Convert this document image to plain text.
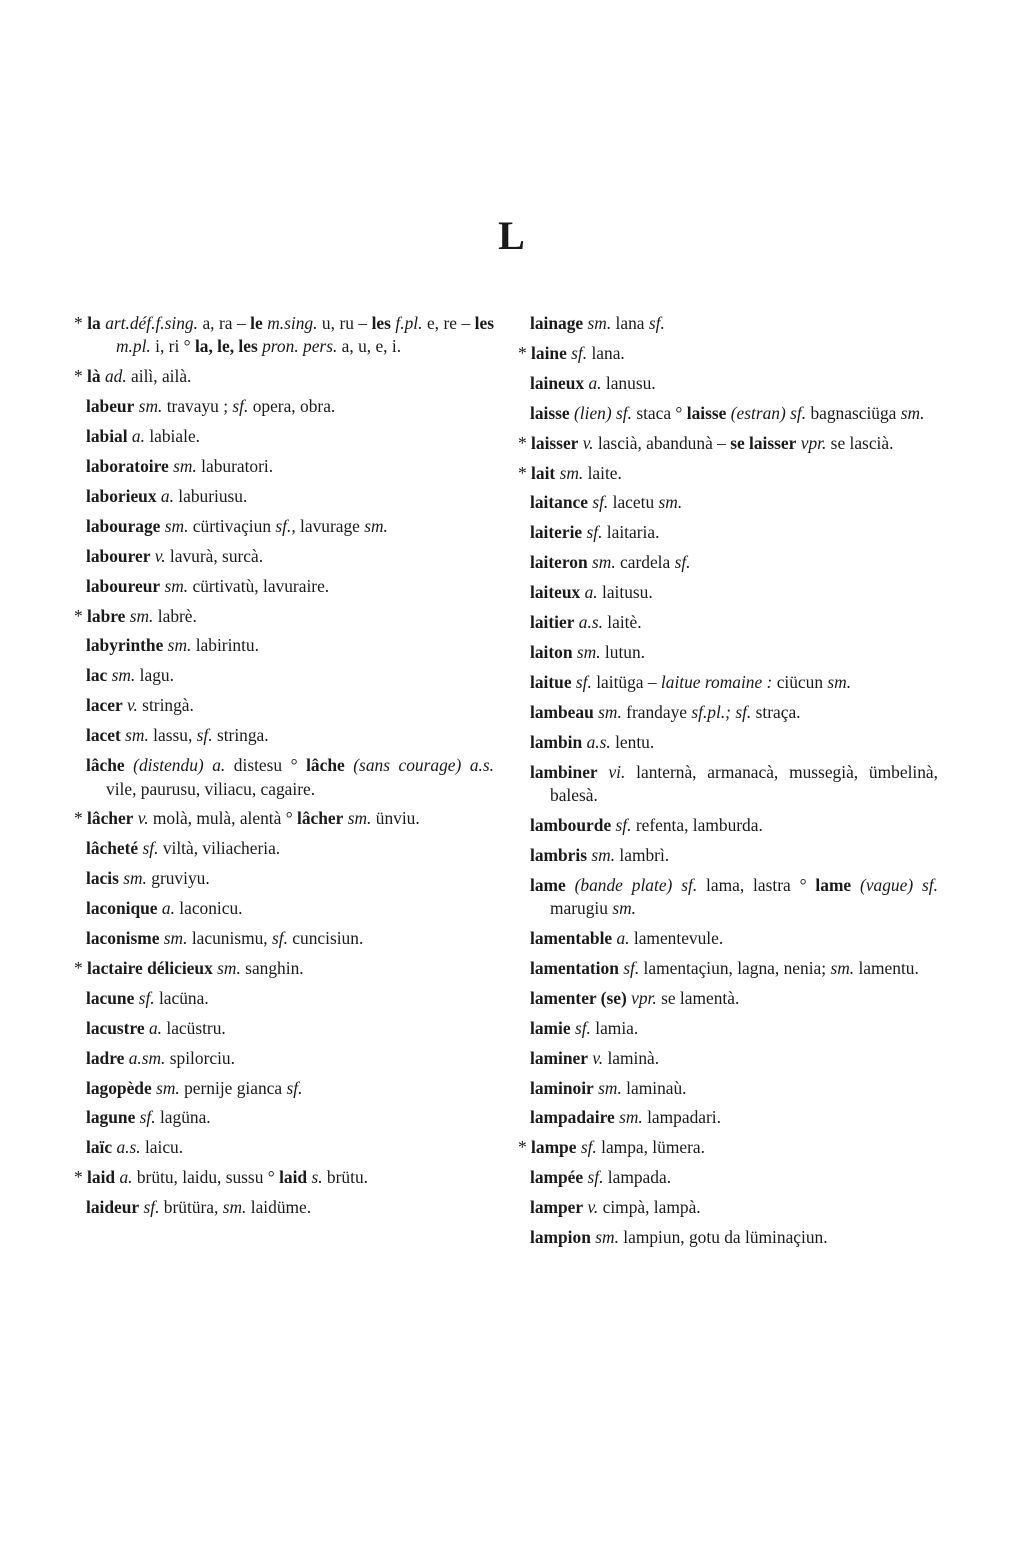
L
* la art.déf.f.sing. a, ra – le m.sing. u, ru – les f.pl. e, re – les m.pl. i, ri ° la, le, les pron. pers. a, u, e, i.
* là ad. ailì, ailà.
labeur sm. travayu ; sf. opera, obra.
labial a. labiale.
laboratoire sm. laburatori.
laborieux a. laburiusu.
labourage sm. cürtivaçiun sf., lavurage sm.
labourer v. lavurà, surcà.
laboureur sm. cürtivatù, lavuraire.
* labre sm. labrè.
labyrinthe sm. labirintu.
lac sm. lagu.
lacer v. stringà.
lacet sm. lassu, sf. stringa.
lâche (distendu) a. distesu ° lâche (sans courage) a.s. vile, paurusu, viliacu, cagaire.
* lâcher v. molà, mulà, alentà ° lâcher sm. ünviu.
lâcheté sf. viltà, viliacheria.
lacis sm. gruviyu.
laconique a. laconicu.
laconisme sm. lacunismu, sf. cuncisiun.
* lactaire délicieux sm. sanghin.
lacune sf. lacüna.
lacustre a. lacüstru.
ladre a.sm. spilorciu.
lagopède sm. pernije gianca sf.
lagune sf. lagüna.
laïc a.s. laicu.
* laid a. brütu, laidu, sussu ° laid s. brütu.
laideur sf. brütüra, sm. laidüme.
lainage sm. lana sf.
* laine sf. lana.
laineux a. lanusu.
laisse (lien) sf. staca ° laisse (estran) sf. bagnasciüga sm.
* laisser v. lascià, abandunà – se laisser vpr. se lascià.
* lait sm. laite.
laitance sf. lacetu sm.
laiterie sf. laitaria.
laiteron sm. cardela sf.
laiteux a. laitusu.
laitier a.s. laitè.
laiton sm. lutun.
laitue sf. laitüga – laitue romaine : ciücun sm.
lambeau sm. frandaye sf.pl.; sf. straça.
lambin a.s. lentu.
lambiner vi. lanternà, armanacà, mussegià, ümbelinà, balesà.
lambourde sf. refenta, lamburda.
lambris sm. lambrì.
lame (bande plate) sf. lama, lastra ° lame (vague) sf. marugiu sm.
lamentable a. lamentevule.
lamentation sf. lamentaçiun, lagna, nenia; sm. lamentu.
lamenter (se) vpr. se lamentà.
lamie sf. lamia.
laminer v. laminà.
laminoir sm. laminaù.
lampadaire sm. lampadari.
* lampe sf. lampa, lümera.
lampée sf. lampada.
lamper v. cimpà, lampà.
lampion sm. lampiun, gotu da lüminaçiun.
